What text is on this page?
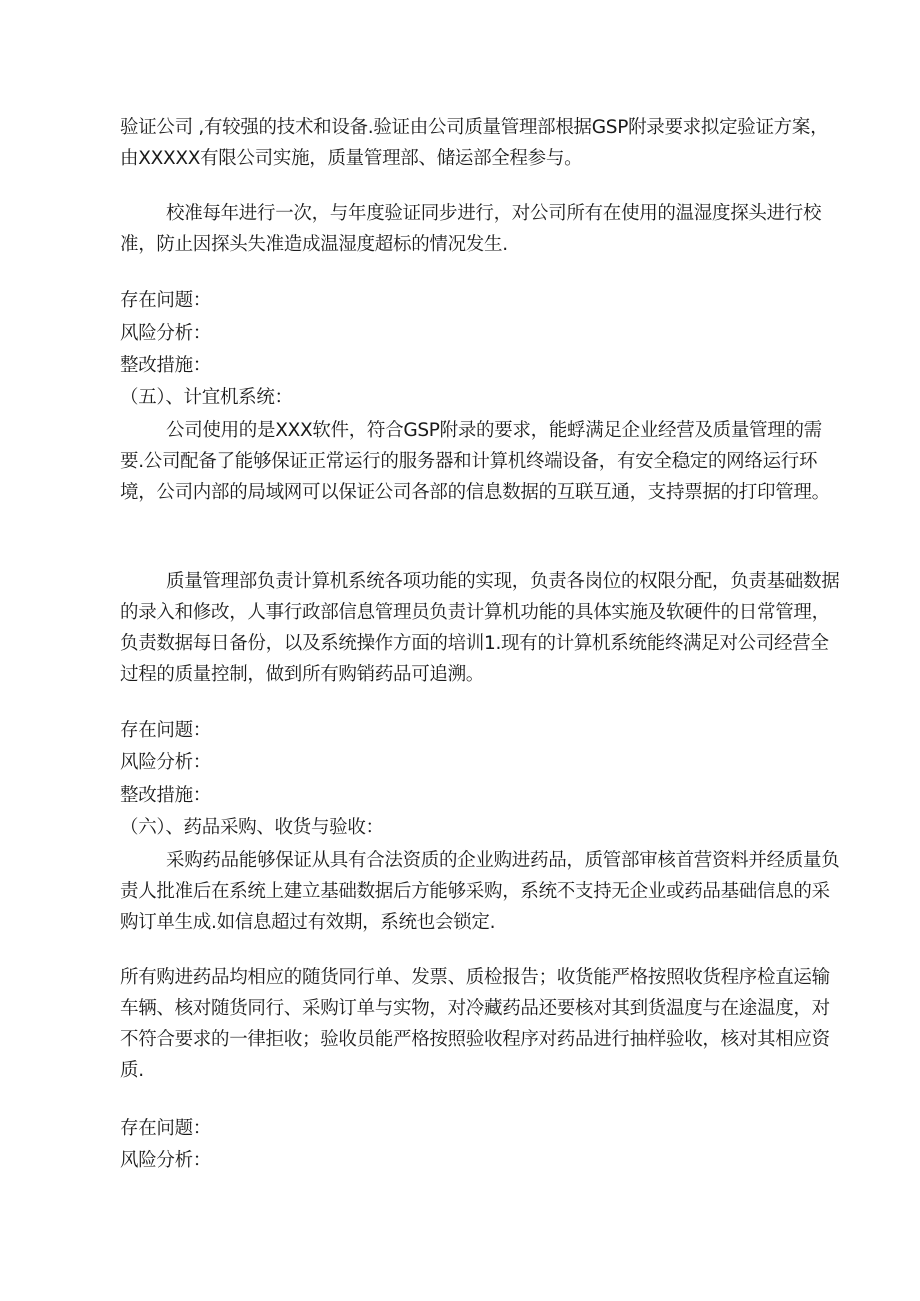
验证公司 ,有较强的技术和设备.验证由公司质量管理部根据GSP附录要求拟定验证方案，由XXXXX有限公司实施，质量管理部、储运部全程参与。

校准每年进行一次，与年度验证同步进行，对公司所有在使用的温湿度探头进行校准，防止因探头失准造成温湿度超标的情况发生.

存在问题：

风险分析：

整改措施：

（五）、计宜机系统：

公司使用的是XXX软件，符合GSP附录的要求，能蜉满足企业经营及质量管理的需要.公司配备了能够保证正常运行的服务器和计算机终端设备，有安全稳定的网络运行环境，公司内部的局域网可以保证公司各部的信息数据的互联互通，支持票据的打印管理。

质量管理部负责计算机系统各项功能的实现，负责各岗位的权限分配，负责基础数据的录入和修改，人事行政部信息管理员负责计算机功能的具体实施及软硬件的日常管理，负责数据每日备份，以及系统操作方面的培训1.现有的计算机系统能终满足对公司经营全过程的质量控制，做到所有购销药品可追溯。

存在问题：

风险分析：

整改措施：

（六）、药品采购、收货与验收：

采购药品能够保证从具有合法资质的企业购进药品，质管部审核首营资料并经质量负责人批准后在系统上建立基础数据后方能够采购，系统不支持无企业或药品基础信息的采购订单生成.如信息超过有效期，系统也会锁定.

所有购进药品均相应的随货同行单、发票、质检报告；收货能严格按照收货程序检直运输车辆、核对随货同行、采购订单与实物，对冷藏药品还要核对其到货温度与在途温度，对不符合要求的一律拒收；验收员能严格按照验收程序对药品进行抽样验收，核对其相应资质.

存在问题：

风险分析：
